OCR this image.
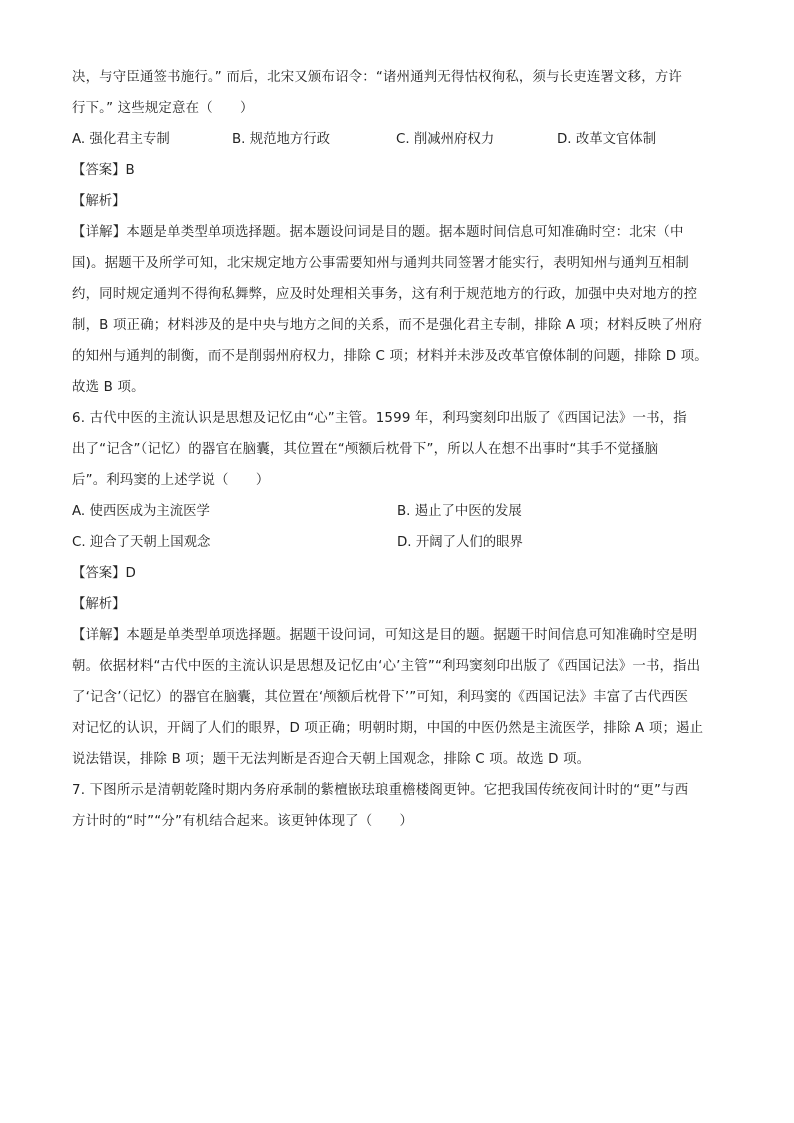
决，与守臣通签书施行。” 而后，北宋又颁布诏令：“诸州通判无得怙权徇私，须与长吏连署文移，方许
行下。” 这些规定意在（　　）
A. 强化君主专制	B. 规范地方行政	C. 削减州府权力	D. 改革文官体制
【答案】B
【解析】
【详解】本题是单类型单项选择题。据本题设问词是目的题。据本题时间信息可知准确时空：北宋（中
国)。据题干及所学可知，北宋规定地方公事需要知州与通判共同签署才能实行，表明知州与通判互相制
约，同时规定通判不得徇私舞弊，应及时处理相关事务，这有利于规范地方的行政，加强中央对地方的控
制，B 项正确；材料涉及的是中央与地方之间的关系，而不是强化君主专制，排除 A 项；材料反映了州府
的知州与通判的制衡，而不是削弱州府权力，排除 C 项；材料并未涉及改革官僚体制的问题，排除 D 项。
故选 B 项。
6. 古代中医的主流认识是思想及记忆由“心”主管。1599 年，利玛窦刻印出版了《西国记法》一书，指
出了“记含”（记忆）的器官在脑囊，其位置在“颅额后枕骨下”，所以人在想不出事时“其手不觉搔脑
后”。利玛窦的上述学说（　　）
A. 使西医成为主流医学	B. 遏止了中医的发展
C. 迎合了天朝上国观念	D. 开阔了人们的眼界
【答案】D
【解析】
【详解】本题是单类型单项选择题。据题干设问词，可知这是目的题。据题干时间信息可知准确时空是明
朝。依据材料“古代中医的主流认识是思想及记忆由‘心’主管”“利玛窦刻印出版了《西国记法》一书，指出
了‘记含’（记忆）的器官在脑囊，其位置在‘颅额后枕骨下’”可知，利玛窦的《西国记法》丰富了古代西医
对记忆的认识，开阔了人们的眼界，D 项正确；明朝时期，中国的中医仍然是主流医学，排除 A 项；遏止
说法错误，排除 B 项；题干无法判断是否迎合天朝上国观念，排除 C 项。故选 D 项。
7. 下图所示是清朝乾隆时期内务府承制的紫檀嵌珐琅重檐楼阁更钟。它把我国传统夜间计时的“更”与西
方计时的“时”“分”有机结合起来。该更钟体现了（　　）
